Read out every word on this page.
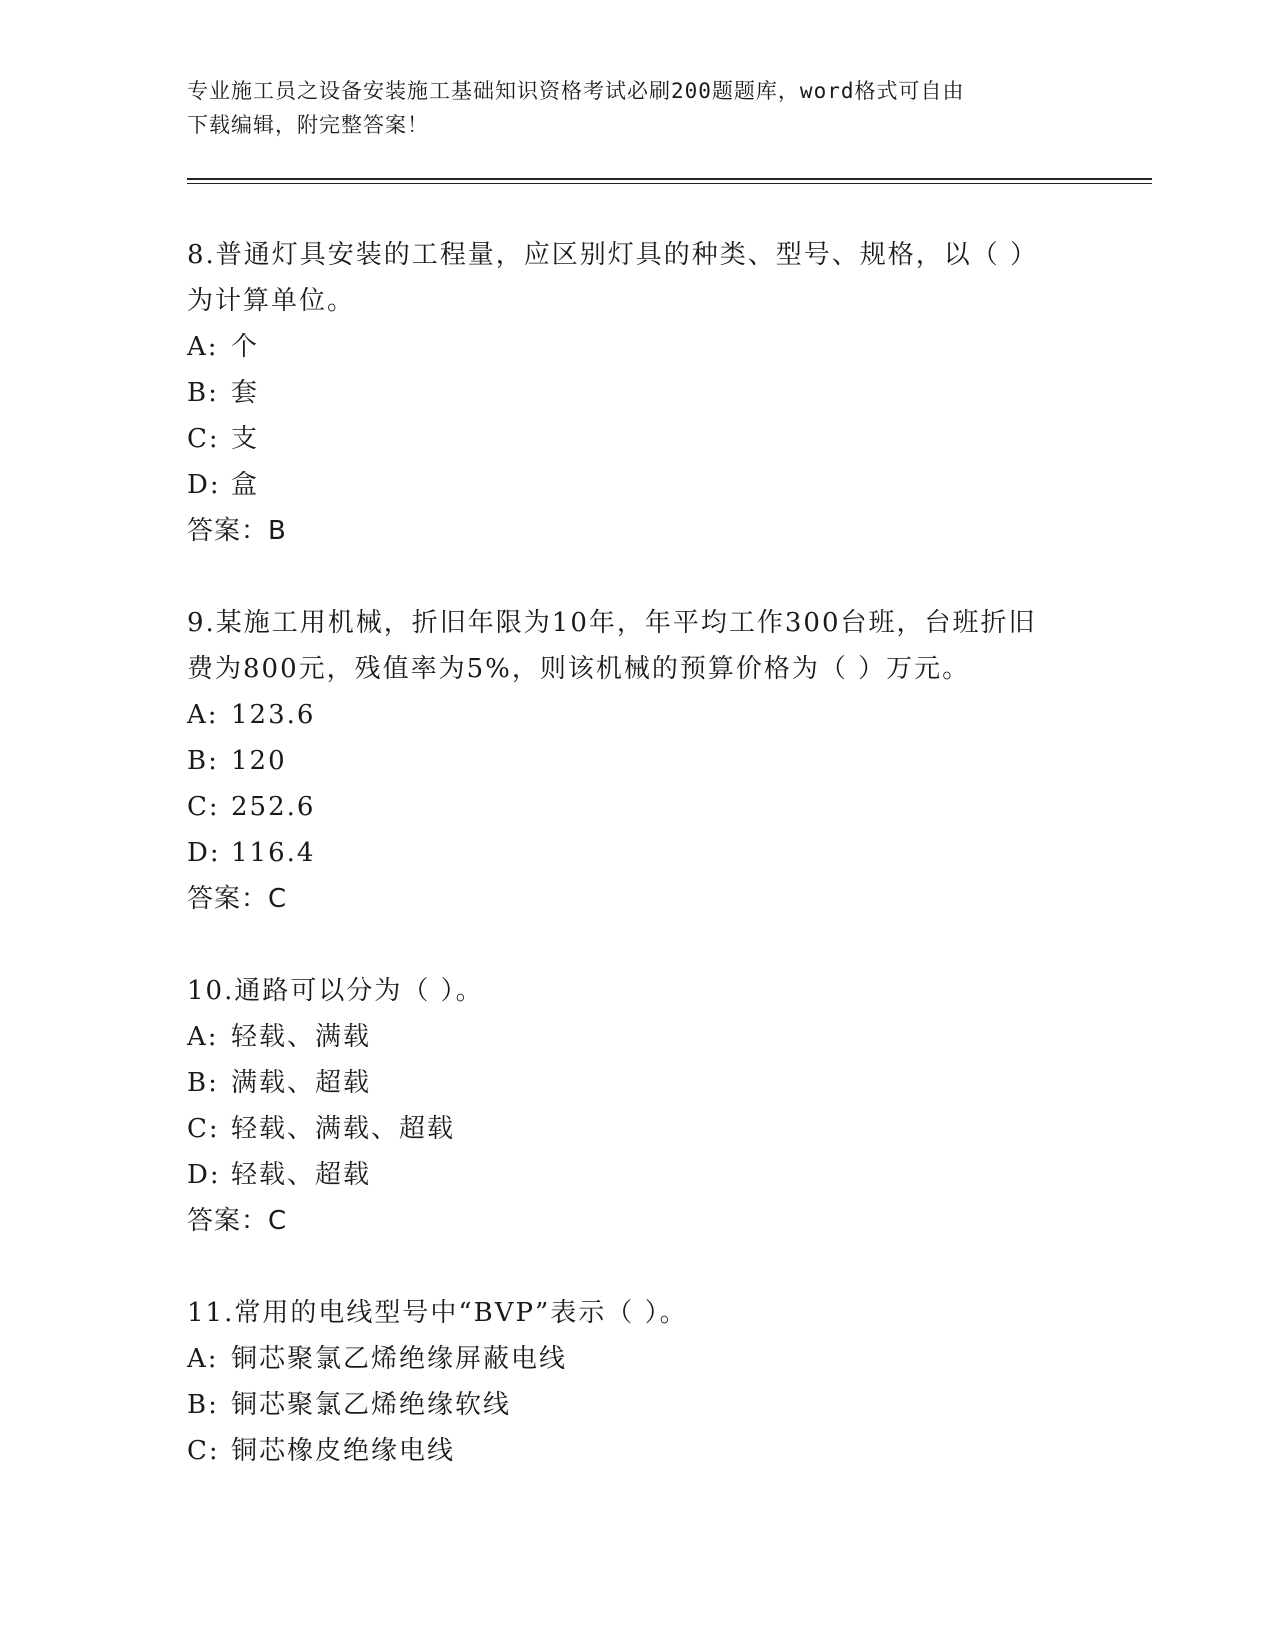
专业施工员之设备安装施工基础知识资格考试必刷200题题库，word格式可自由
下载编辑，附完整答案！
8.普通灯具安装的工程量，应区别灯具的种类、型号、规格，以（ ）
为计算单位。
A: 个
B: 套
C: 支
D: 盒
答案：B
9.某施工用机械，折旧年限为10年，年平均工作300台班，台班折旧
费为800元，残值率为5%，则该机械的预算价格为（ ）万元。
A: 123.6
B: 120
C: 252.6
D: 116.4
答案：C
10.通路可以分为（ ）。
A: 轻载、满载
B: 满载、超载
C: 轻载、满载、超载
D: 轻载、超载
答案：C
11.常用的电线型号中“BVP”表示（ ）。
A: 铜芯聚氯乙烯绝缘屏蔽电线
B: 铜芯聚氯乙烯绝缘软线
C: 铜芯橡皮绝缘电线
